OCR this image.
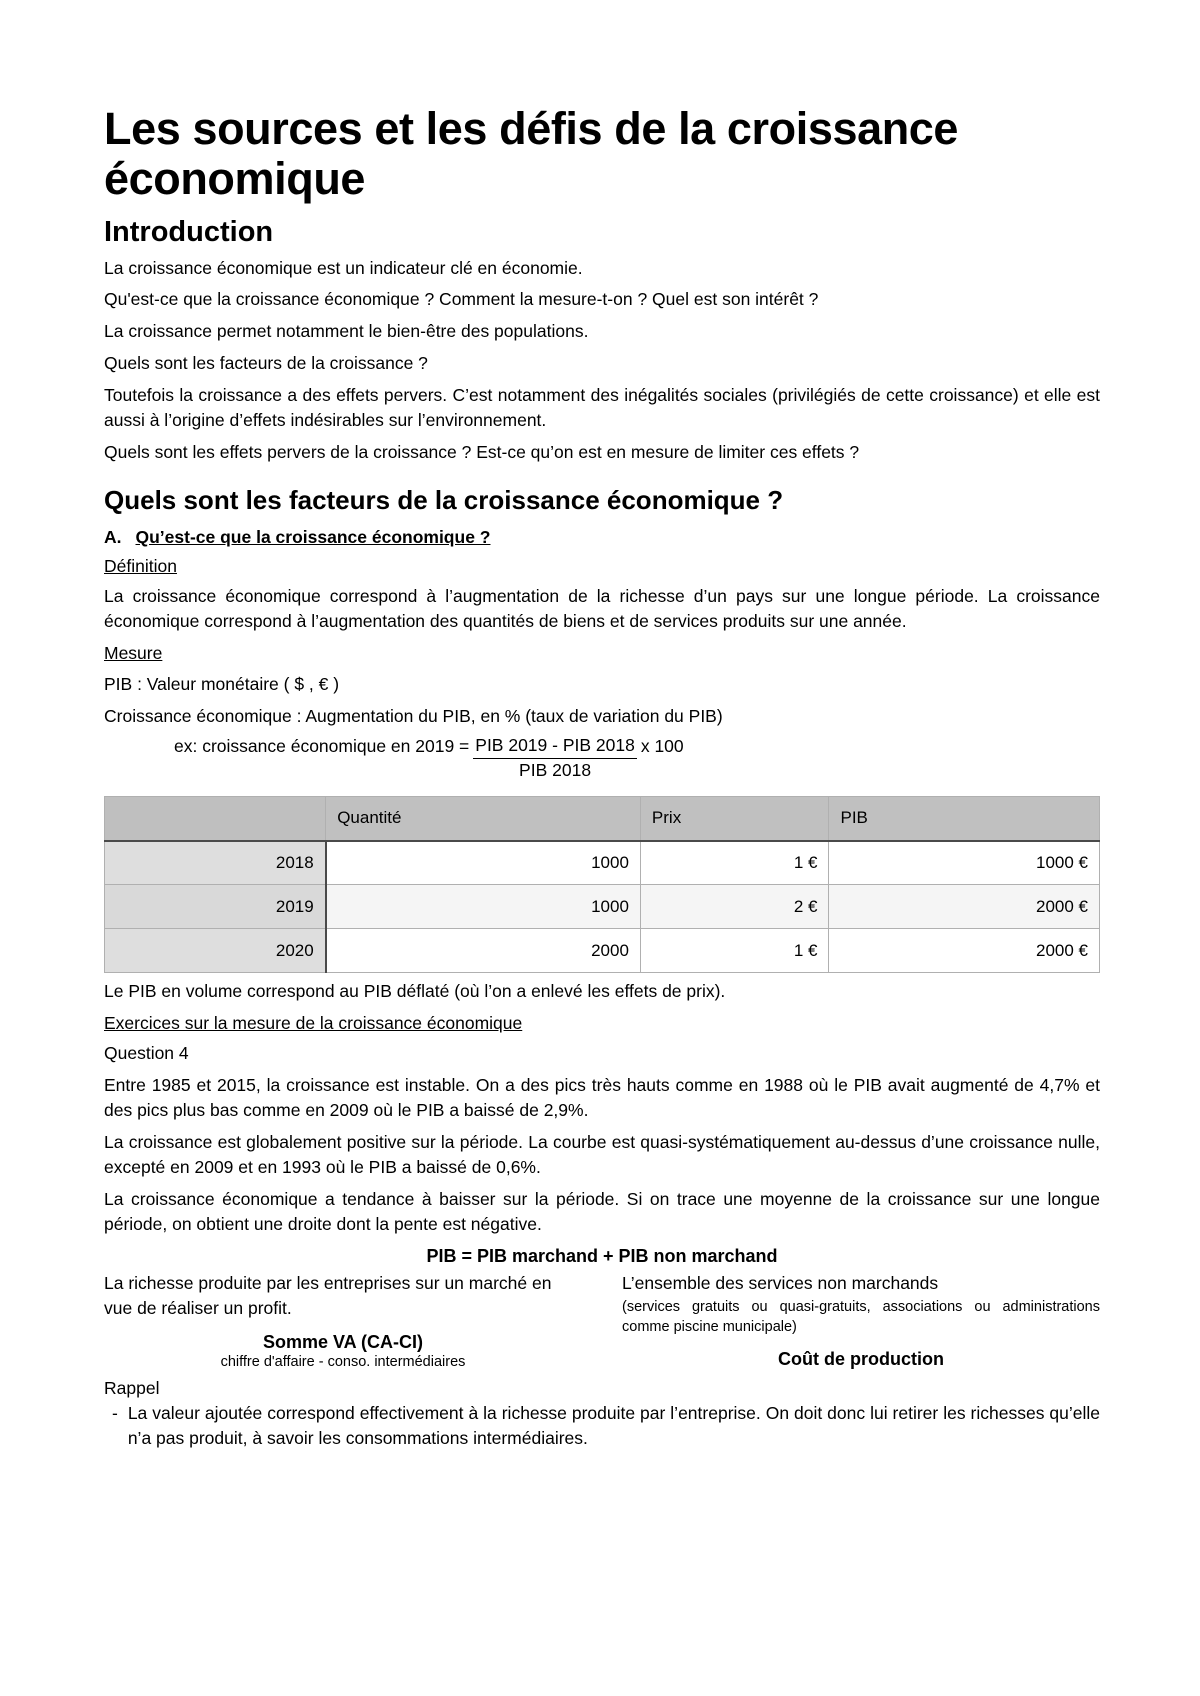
Les sources et les défis de la croissance économique
Introduction

La croissance économique est un indicateur clé en économie.

Qu'est-ce que la croissance économique ? Comment la mesure-t-on ? Quel est son intérêt ?

La croissance permet notamment le bien-être des populations.

Quels sont les facteurs de la croissance ?

Toutefois la croissance a des effets pervers. C’est notamment des inégalités sociales (privilégiés de cette croissance) et elle est aussi à l’origine d’effets indésirables sur l’environnement.

Quels sont les effets pervers de la croissance ? Est-ce qu’on est en mesure de limiter ces effets ?

Quels sont les facteurs de la croissance économique ?
A. Qu’est-ce que la croissance économique ?
Définition

La croissance économique correspond à l’augmentation de la richesse d’un pays sur une longue période. La croissance économique correspond à l’augmentation des quantités de biens et de services produits sur une année.

Mesure

PIB : Valeur monétaire ( $ , € )

Croissance économique : Augmentation du PIB, en % (taux de variation du PIB)

ex: croissance économique en $2019 = \frac{\text{PIB 2019 - PIB 2018}}{\text{PIB 2018}}$ x 100
	Quantité	Prix	PIB
2018	1000	1 €	1000 €
2019	1000	2 €	2000 €
2020	2000	1 €	2000 €

Le PIB en volume correspond au PIB déflaté (où l’on a enlevé les effets de prix).

Exercices sur la mesure de la croissance économique

Question 4

Entre 1985 et 2015, la croissance est instable. On a des pics très hauts comme en 1988 où le PIB avait augmenté de 4,7% et des pics plus bas comme en 2009 où le PIB a baissé de 2,9%.

La croissance est globalement positive sur la période. La courbe est quasi-systématiquement au-dessus d’une croissance nulle, excepté en 2009 et en 1993 où le PIB a baissé de 0,6%.

La croissance économique a tendance à baisser sur la période. Si on trace une moyenne de la croissance sur une longue période, on obtient une droite dont la pente est négative.

PIB = PIB marchand + PIB non marchand

La richesse produite par les entreprises sur un marché en vue de réaliser un profit.

Somme VA (CA-CI)
chiffre d'affaire - conso. intermédiaires

L’ensemble des services non marchands

(services gratuits ou quasi-gratuits, associations ou administrations comme piscine municipale)
Coût de production
Rappel
- La valeur ajoutée correspond effectivement à la richesse produite par l’entreprise. On doit donc lui retirer les richesses qu’elle n’a pas produit, à savoir les consommations intermédiaires.
